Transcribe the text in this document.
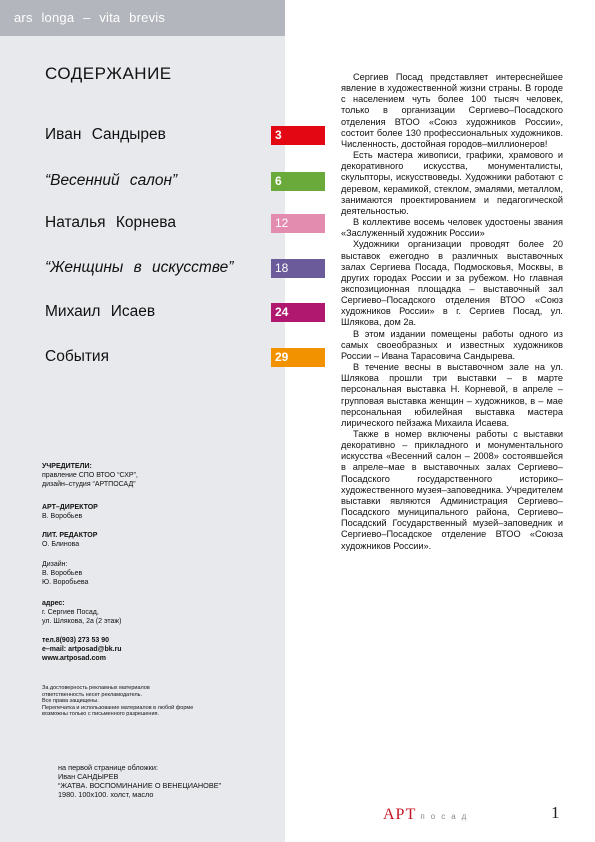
ars longa – vita brevis
СОДЕРЖАНИЕ
Иван Сандырев	3
“Весенний салон”	6
Наталья Корнева	12
“Женщины в искусстве”	18
Михаил Исаев	24
События	29
УЧРЕДИТЕЛИ:
правление СПО ВТОО “СХР”,
дизайн–студия “АРТПОСАД”
АРТ–ДИРЕКТОР
В. Воробьев
ЛИТ. РЕДАКТОР
О. Блинова
Дизайн:
В. Воробьев
Ю. Воробьева
адрес:
г. Сергиев Посад,
ул. Шлякова, 2а (2 этаж)
тел.8(903) 273 53 90
e–mail: artposad@bk.ru
www.artposad.com
За достоверность рекламных материалов
ответственность несет рекламодатель.
Все права защищены.
Перепечатка и использование материалов в любой форме
возможны только с письменного разрешения.
на первой странице обложки:
Иван САНДЫРЕВ
“ЖАТВА. ВОСПОМИНАНИЕ О ВЕНЕЦИАНОВЕ”
1980. 100х100. холст, масло

Сергиев Посад представляет интереснейшее явление в художественной жизни страны. В городе с населением чуть более 100 тысяч человек, только в организации Сергиево–Посадского отделения ВТОО «Союз художников России», состоит более 130 профессиональных художников. Численность, достойная городов–миллионеров!

Есть мастера живописи, графики, храмового и декоративного искусства, монументалисты, скульпторы, искусствоведы. Художники работают с деревом, керамикой, стеклом, эмалями, металлом, занимаются проектированием и педагогической деятельностью.

В коллективе восемь человек удостоены звания «Заслуженный художник России»

Художники организации проводят более 20 выставок ежегодно в различных выставочных залах Сергиева Посада, Подмосковья, Москвы, в других городах России и за рубежом. Но главная экспозиционная площадка – выставочный зал Сергиево–Посадского отделения ВТОО «Союз художников России» в г. Сергиев Посад, ул. Шлякова, дом 2а.

В этом издании помещены работы одного из самых своеобразных и известных художников России – Ивана Тарасовича Сандырева.

В течение весны в выставочном зале на ул. Шлякова прошли три выставки – в марте персональная выставка Н. Корневой, в апреле – групповая выставка женщин – художников, в – мае персональная юбилейная выставка мастера лирического пейзажа Михаила Исаева.

Также в номер включены работы с выставки декоративно – прикладного и монументального искусства «Весенний салон – 2008» состоявшейся в апреле–мае в выставочных залах Сергиево–Посадского государственного историко–художественного музея–заповедника. Учредителем выставки являются Администрация Сергиево–Посадского муниципального района, Сергиево–Посадский Государственный музей–заповедник и Сергиево–Посадское отделение ВТОО «Союза художников России».

АРТ посад	1
